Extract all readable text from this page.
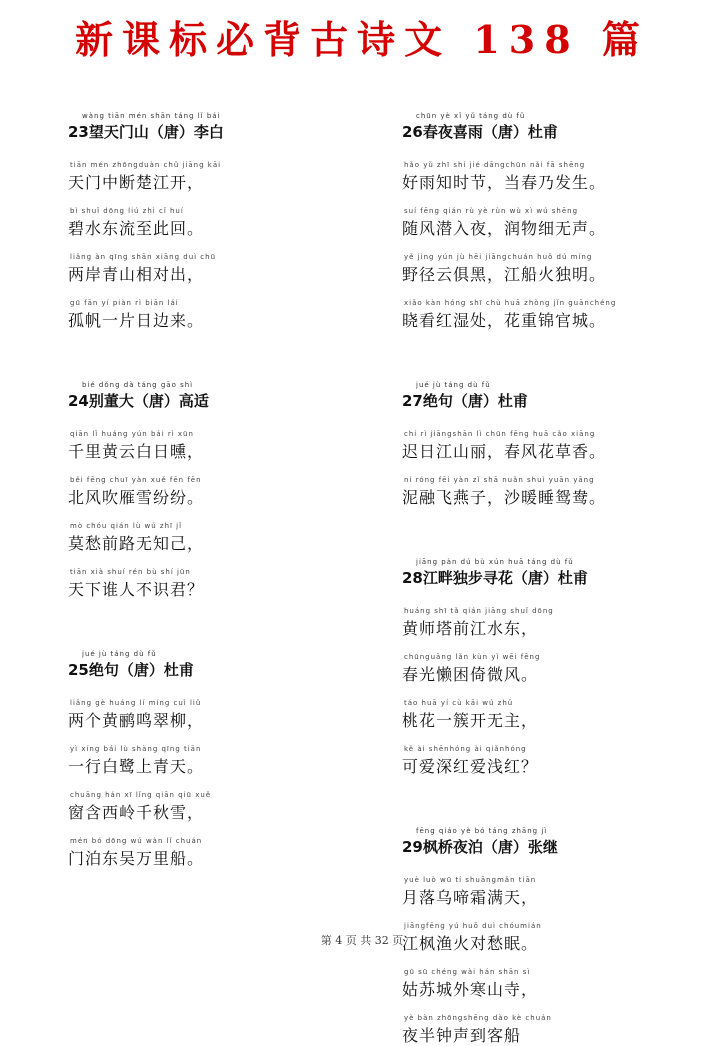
新课标必背古诗文 138 篇
wàng tiān mén shān táng lǐ bái
23望天门山（唐）李白
tiān mén zhōngduàn chǔ jiāng kāi
天门中断楚江开，
bì shuǐ dōng liú zhì cǐ huí
碧水东流至此回。
liǎng àn qīng shān xiāng duì chū
两岸青山相对出，
gū fān yí piàn rì biān lái
孤帆一片日边来。
bié dǒng dà táng gāo shì
24别董大（唐）高适
qiān lǐ huáng yún bái rì xūn
千里黄云白日曛，
běi fēng chuī yàn xuě fēn fēn
北风吹雁雪纷纷。
mò chóu qián lù wú zhī jǐ
莫愁前路无知己，
tiān xià shuí rén bù shí jūn
天下谁人不识君？
jué jù táng dù fǔ
25绝句（唐）杜甫
liǎng gè huáng lí míng cuì liǔ
两个黄鹂鸣翠柳，
yì xíng bái lù shàng qīng tiān
一行白鹭上青天。
chuāng hán xī lǐng qiān qiū xuě
窗含西岭千秋雪，
mén bó dōng wú wàn lǐ chuán
门泊东吴万里船。
chūn yè xǐ yǔ táng dù fǔ
26春夜喜雨（唐）杜甫
hǎo yǔ zhī shí jié dāngchūn nǎi fā shēng
好雨知时节，当春乃发生。
suí fēng qián rù yè rùn wù xì wú shēng
随风潜入夜，润物细无声。
yě jìng yún jù hēi jiāngchuán huǒ dú míng
野径云俱黑，江船火独明。
xiǎo kàn hóng shī chù huā zhòng jǐn guānchéng
晓看红湿处，花重锦官城。
jué jù táng dù fǔ
27绝句（唐）杜甫
chí rì jiāngshān lì chūn fēng huā cǎo xiāng
迟日江山丽，春风花草香。
ní róng fēi yàn zǐ shā nuǎn shuì yuān yāng
泥融飞燕子，沙暖睡鸳鸯。
jiāng pàn dú bù xún huā táng dù fǔ
28江畔独步寻花（唐）杜甫
huáng shī tǎ qián jiāng shuǐ dōng
黄师塔前江水东，
chūnguāng lǎn kùn yǐ wēi fēng
春光懒困倚微风。
táo huā yí cù kāi wú zhǔ
桃花一簇开无主，
kě ài shēnhóng ài qiǎnhóng
可爱深红爱浅红？
fēng qiáo yè bó táng zhāng jì
29枫桥夜泊（唐）张继
yuè luò wū tí shuāngmǎn tiān
月落乌啼霜满天，
jiāngfēng yú huǒ duì chóumián
江枫渔火对愁眠。
gū sū chéng wài hán shān sì
姑苏城外寒山寺，
yè bàn zhōngshēng dào kè chuán
夜半钟声到客船
第 4 页 共 32 页
